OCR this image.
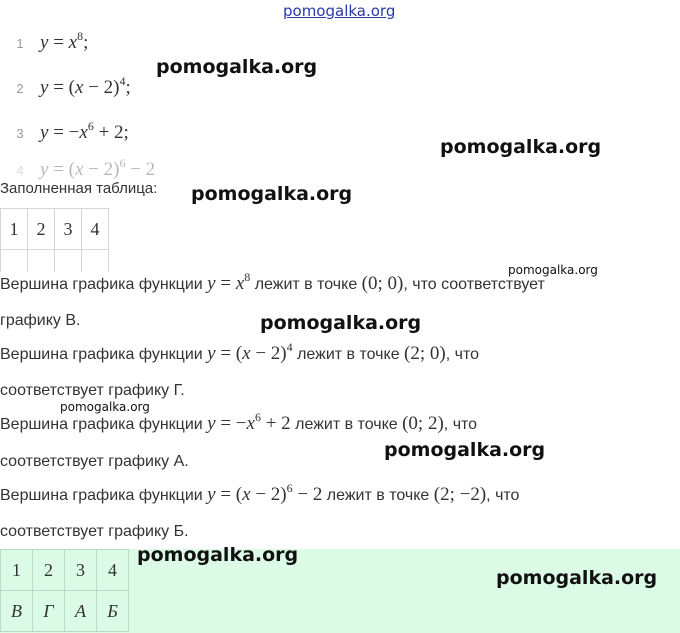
pomogalka.org
1 $y = x^8$;
2 $y = (x - 2)^4$;
3 $y = -x^6 + 2$;
4 $y = (x - 2)^6 - 2$
Заполненная таблица:
1	2	3	4

Вершина графика функции $y = x^8$ лежит в точке (0; 0), что соответствует
графику В.
Вершина графика функции $y = (x - 2)^4$ лежит в точке (2; 0), что
соответствует графику Г.
Вершина графика функции $y = -x^6 + 2$ лежит в точке (0; 2), что
соответствует графику А.
Вершина графика функции $y = (x - 2)^6 - 2$ лежит в точке (2; −2), что
соответствует графику Б.
1	2	3	4
В	Г	А	Б
pomogalka.org
pomogalka.org
pomogalka.org
pomogalka.org
pomogalka.org
pomogalka.org
pomogalka.org
pomogalka.org
pomogalka.org
